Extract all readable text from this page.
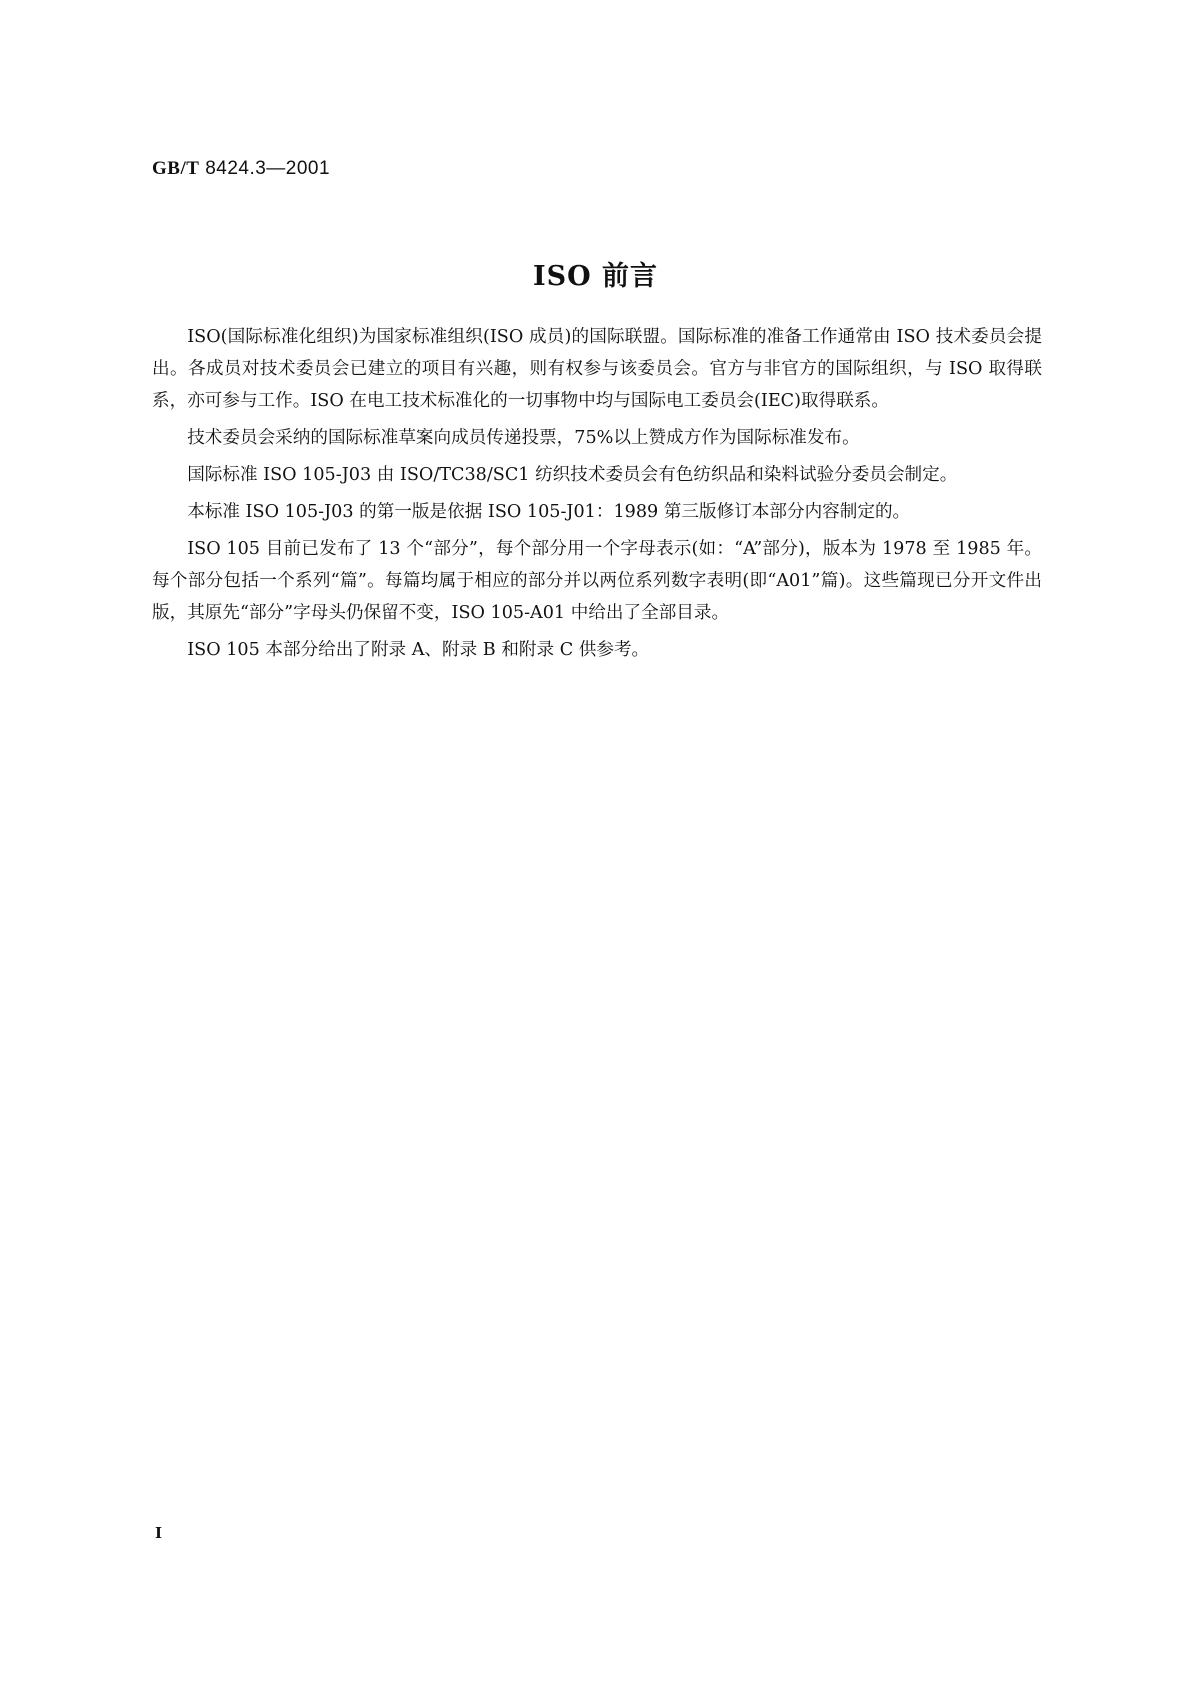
GB/T 8424.3—2001
ISO 前言

ISO(国际标准化组织)为国家标准组织(ISO 成员)的国际联盟。国际标准的准备工作通常由 ISO 技术委员会提出。各成员对技术委员会已建立的项目有兴趣，则有权参与该委员会。官方与非官方的国际组织，与 ISO 取得联系，亦可参与工作。ISO 在电工技术标准化的一切事物中均与国际电工委员会(IEC)取得联系。

技术委员会采纳的国际标准草案向成员传递投票，75%以上赞成方作为国际标准发布。

国际标准 ISO 105-J03 由 ISO/TC38/SC1 纺织技术委员会有色纺织品和染料试验分委员会制定。

本标准 ISO 105-J03 的第一版是依据 ISO 105-J01：1989 第三版修订本部分内容制定的。

ISO 105 目前已发布了 13 个“部分”，每个部分用一个字母表示(如：“A”部分)，版本为 1978 至 1985 年。每个部分包括一个系列“篇”。每篇均属于相应的部分并以两位系列数字表明(即“A01”篇)。这些篇现已分开文件出版，其原先“部分”字母头仍保留不变，ISO 105-A01 中给出了全部目录。

ISO 105 本部分给出了附录 A、附录 B 和附录 C 供参考。

I
